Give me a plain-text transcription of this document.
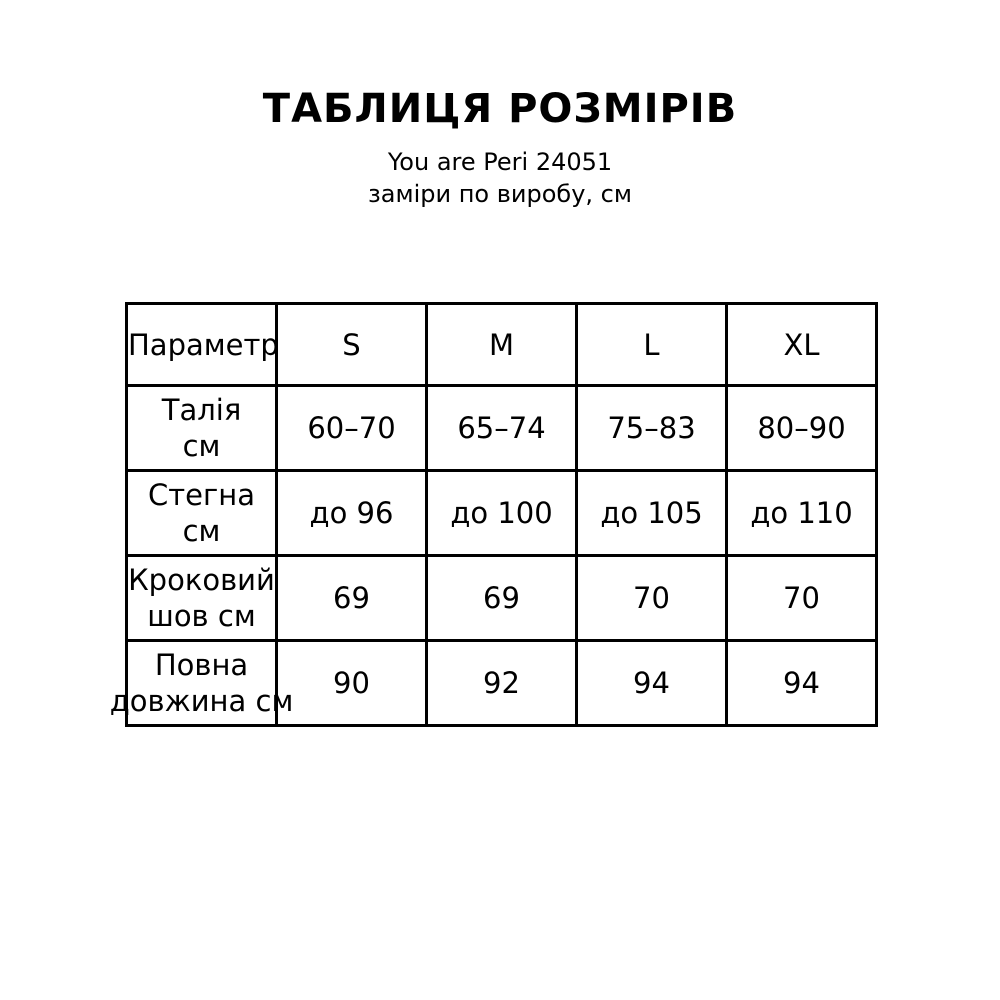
ТАБЛИЦЯ РОЗМІРІВ
You are Peri 24051
заміри по виробу, см
Параметр	S	M	L	XL

Талія
см	60–70	65–74	75–83	80–90

Стегна
см	до 96	до 100	до 105	до 110

Кроковий
шов см	69	69	70	70

Повна
довжина см	90	92	94	94
